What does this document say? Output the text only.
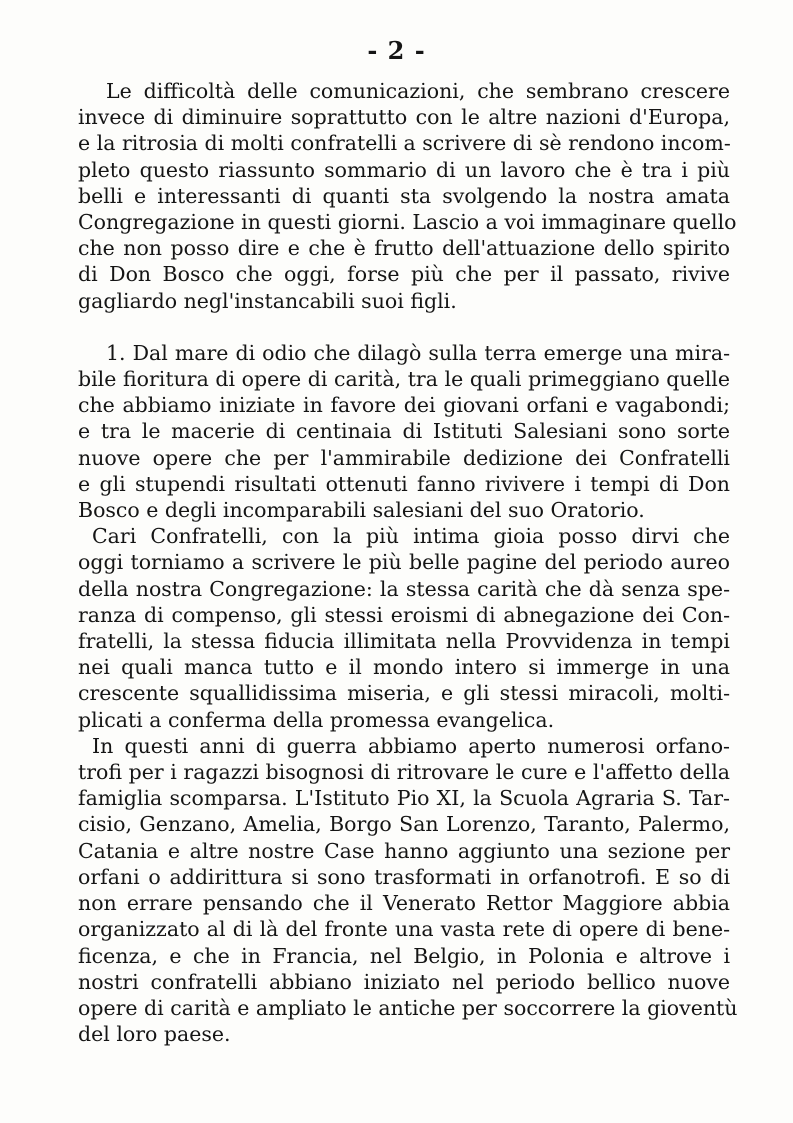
- 2 -

Le difficoltà delle comunicazioni, che sembrano crescere
invece di diminuire soprattutto con le altre nazioni d'Europa,
e la ritrosia di molti confratelli a scrivere di sè rendono incom-
pleto questo riassunto sommario di un lavoro che è tra i più
belli e interessanti di quanti sta svolgendo la nostra amata
Congregazione in questi giorni. Lascio a voi immaginare quello
che non posso dire e che è frutto dell'attuazione dello spirito
di Don Bosco che oggi, forse più che per il passato, rivive
gagliardo negl'instancabili suoi figli.

1. Dal mare di odio che dilagò sulla terra emerge una mira-
bile fioritura di opere di carità, tra le quali primeggiano quelle
che abbiamo iniziate in favore dei giovani orfani e vagabondi;
e tra le macerie di centinaia di Istituti Salesiani sono sorte
nuove opere che per l'ammirabile dedizione dei Confratelli
e gli stupendi risultati ottenuti fanno rivivere i tempi di Don
Bosco e degli incomparabili salesiani del suo Oratorio.

Cari Confratelli, con la più intima gioia posso dirvi che
oggi torniamo a scrivere le più belle pagine del periodo aureo
della nostra Congregazione: la stessa carità che dà senza spe-
ranza di compenso, gli stessi eroismi di abnegazione dei Con-
fratelli, la stessa fiducia illimitata nella Provvidenza in tempi
nei quali manca tutto e il mondo intero si immerge in una
crescente squallidissima miseria, e gli stessi miracoli, molti-
plicati a conferma della promessa evangelica.

In questi anni di guerra abbiamo aperto numerosi orfano-
trofi per i ragazzi bisognosi di ritrovare le cure e l'affetto della
famiglia scomparsa. L'Istituto Pio XI, la Scuola Agraria S. Tar-
cisio, Genzano, Amelia, Borgo San Lorenzo, Taranto, Palermo,
Catania e altre nostre Case hanno aggiunto una sezione per
orfani o addirittura si sono trasformati in orfanotrofi. E so di
non errare pensando che il Venerato Rettor Maggiore abbia
organizzato al di là del fronte una vasta rete di opere di bene-
ficenza, e che in Francia, nel Belgio, in Polonia e altrove i
nostri confratelli abbiano iniziato nel periodo bellico nuove
opere di carità e ampliato le antiche per soccorrere la gioventù
del loro paese.
